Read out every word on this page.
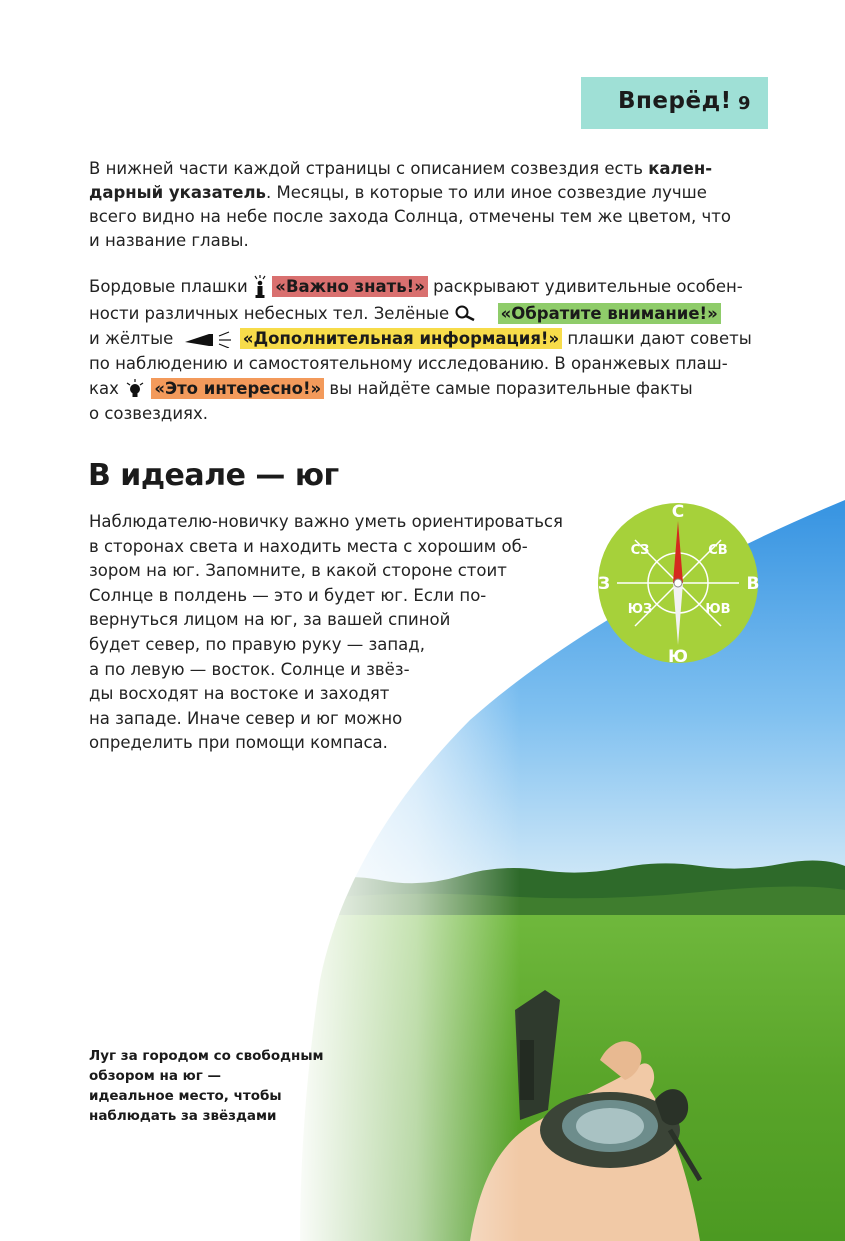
Вперёд! 9
В нижней части каждой страницы с описанием созвездия есть кален-
дарный указатель. Месяцы, в которые то или иное созвездие лучше
всего видно на небе после захода Солнца, отмечены тем же цветом, что
и название главы.
Бордовые плашки  «Важно знать!» раскрывают удивительные особен-
ности различных небесных тел. Зелёные	«Обратите внимание!»
и жёлтые	«Дополнительная информация!» плашки дают советы
по наблюдению и самостоятельному исследованию. В оранжевых плаш-
ках  «Это интересно!» вы найдёте самые поразительные факты
о созвездиях.
В идеале — юг
Наблюдателю-новичку важно уметь ориентироваться
в сторонах света и находить места с хорошим об-
зором на юг. Запомните, в какой стороне стоит
Солнце в полдень — это и будет юг. Если по-
вернуться лицом на юг, за вашей спиной
будет север, по правую руку — запад,
а по левую — восток. Солнце и звёз-
ды восходят на востоке и заходят
на западе. Иначе север и юг можно
определить при помощи компаса.
С
Ю
З	В
СЗ	СВ
ЮЗ	ЮВ
Луг за городом со свободным
обзором на юг —
идеальное место, чтобы
наблюдать за звёздами
